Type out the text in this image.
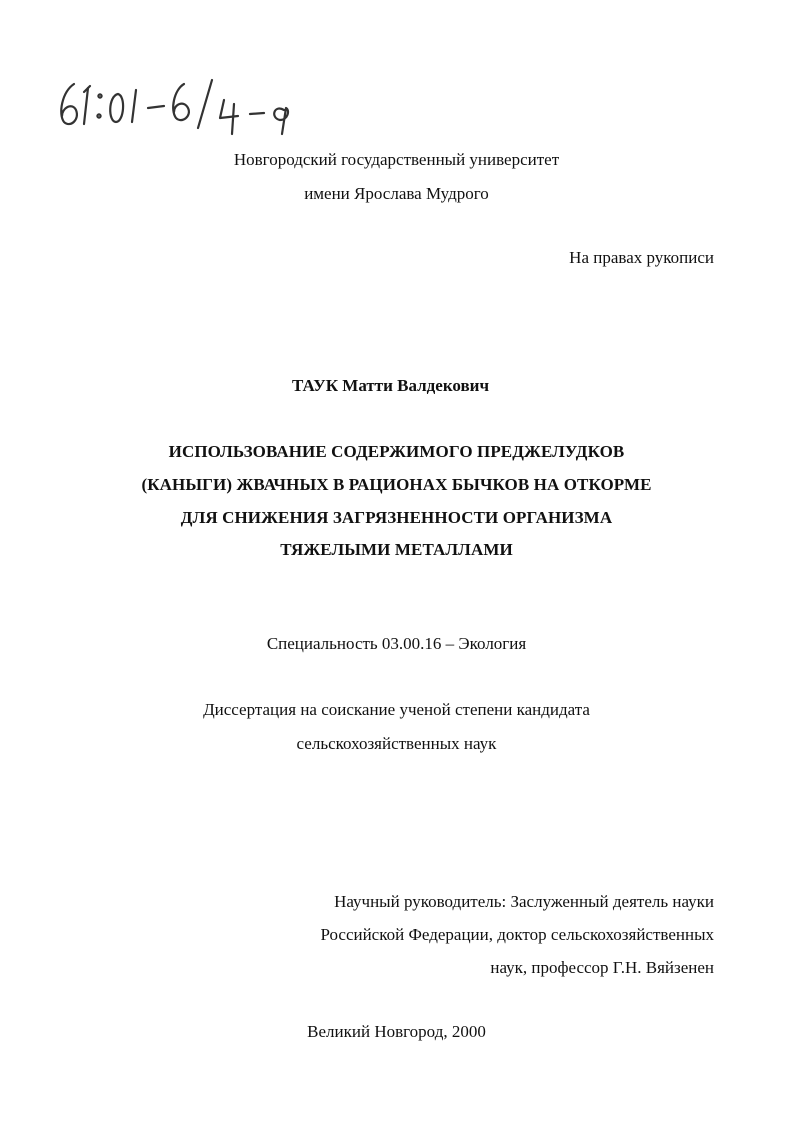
Новгородский государственный университет
имени Ярослава Мудрого
На правах рукописи
ТАУК Матти Валдекович
ИСПОЛЬЗОВАНИЕ СОДЕРЖИМОГО ПРЕДЖЕЛУДКОВ
(КАНЫГИ) ЖВАЧНЫХ В РАЦИОНАХ БЫЧКОВ НА ОТКОРМЕ
ДЛЯ СНИЖЕНИЯ ЗАГРЯЗНЕННОСТИ ОРГАНИЗМА
ТЯЖЕЛЫМИ МЕТАЛЛАМИ
Специальность 03.00.16 – Экология
Диссертация на соискание ученой степени кандидата
сельскохозяйственных наук
Научный руководитель: Заслуженный деятель науки
Российской Федерации, доктор сельскохозяйственных
наук, профессор Г.Н. Вяйзенен
Великий Новгород, 2000
